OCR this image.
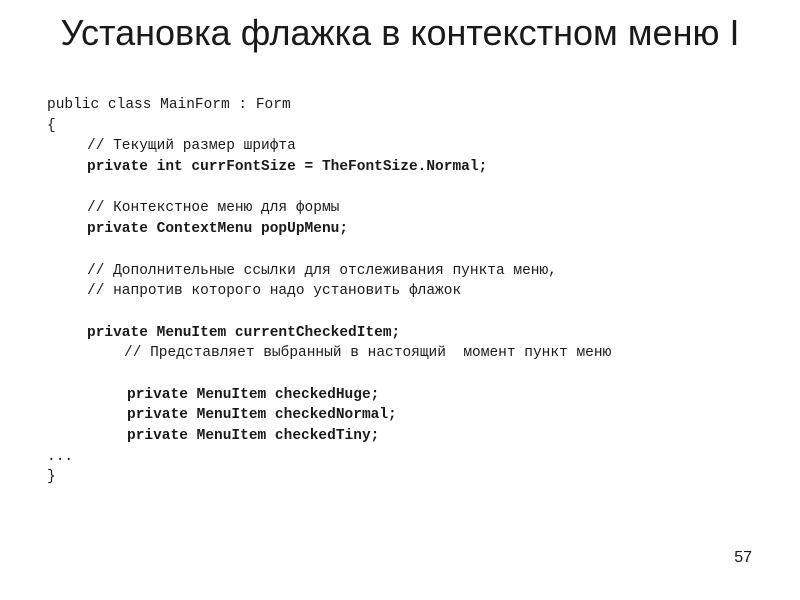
Установка флажка в контекстном меню I
public class MainForm : Form
{
// Текущий размер шрифта
private int currFontSize = TheFontSize.Normal;
// Контекстное меню для формы
private ContextMenu popUpMenu;
// Дополнительные ссылки для отслеживания пункта меню,
// напротив которого надо установить флажок
private MenuItem currentCheckedItem;
// Представляет выбранный в настоящий  момент пункт меню
private MenuItem checkedHuge;
private MenuItem checkedNormal;
private MenuItem checkedTiny;
...
}
57
